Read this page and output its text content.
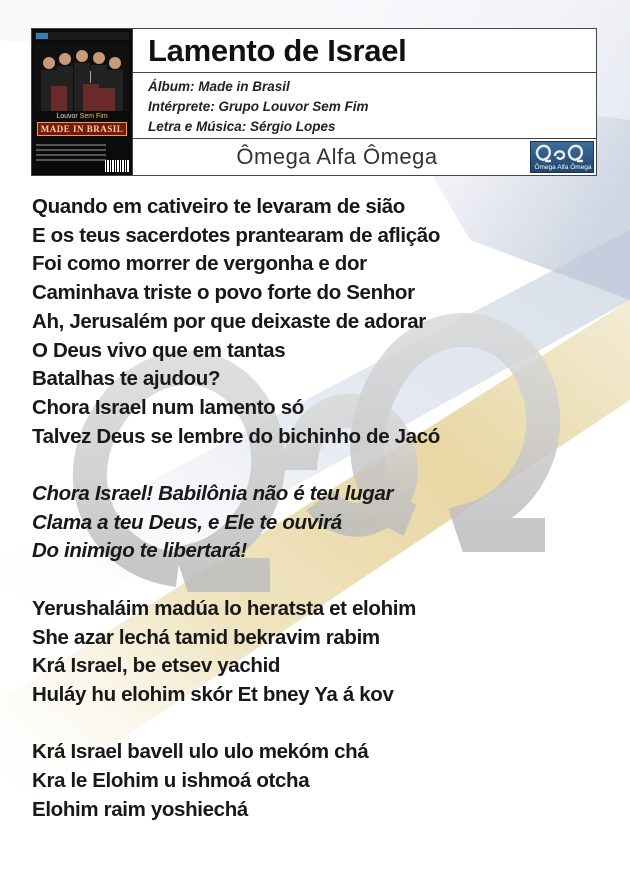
Louvor Sem Fim
MADE IN BRASIL
Lamento de Israel
Álbum: Made in Brasil
Intérprete: Grupo Louvor Sem Fim
Letra e Música: Sérgio Lopes
Ômega Alfa Ômega	Ômega Alfa Ômega
Quando em cativeiro te levaram de sião
E os teus sacerdotes prantearam de aflição
Foi como morrer de vergonha e dor
Caminhava triste o povo forte do Senhor
Ah, Jerusalém por que deixaste de adorar
O Deus vivo que em tantas
Batalhas te ajudou?
Chora Israel num lamento só
Talvez Deus se lembre do bichinho de Jacó
Chora Israel! Babilônia não é teu lugar
Clama a teu Deus, e Ele te ouvirá
Do inimigo te libertará!
Yerushaláim madúa lo heratsta et elohim
She azar lechá tamid bekravim rabim
Krá Israel, be etsev yachid
Huláy hu elohim skór Et bney Ya á kov
Krá Israel bavell ulo ulo mekóm chá
Kra le Elohim u ishmoá otcha
Elohim raim yoshiechá
